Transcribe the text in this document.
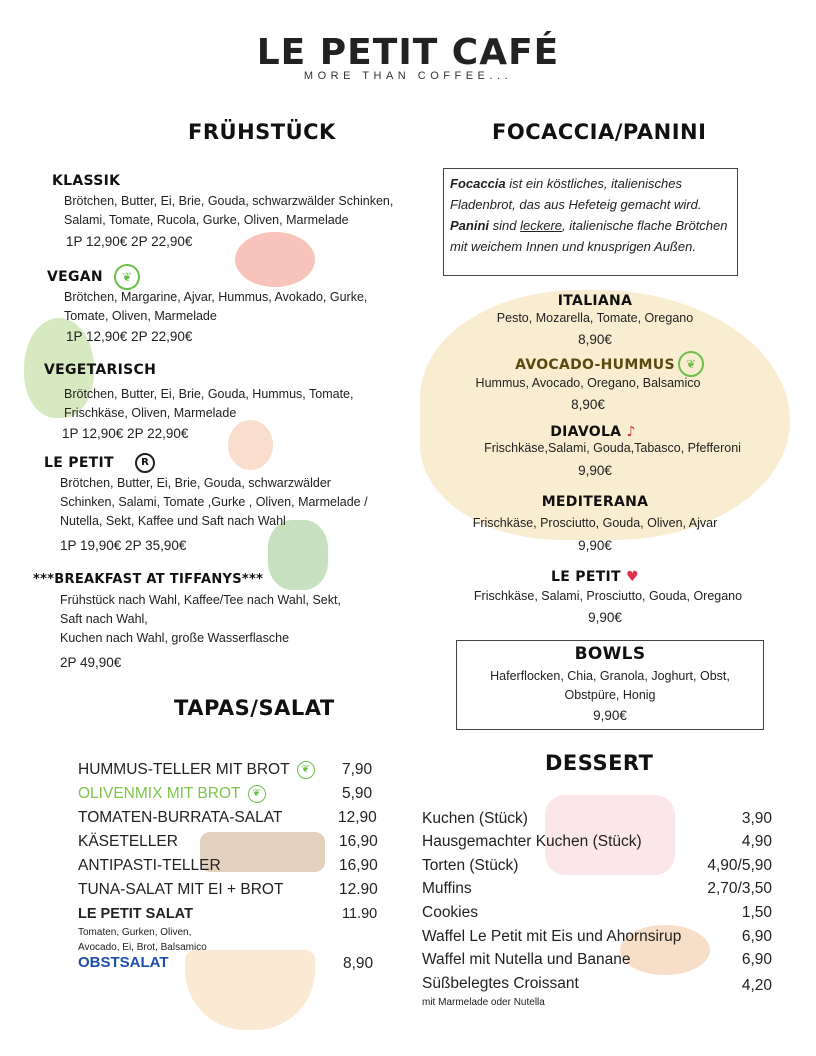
LE PETIT CAFÉ
MORE THAN COFFEE...
FRÜHSTÜCK
KLASSIK
Brötchen, Butter, Ei, Brie, Gouda, schwarzwälder Schinken,
Salami, Tomate, Rucola, Gurke, Oliven, Marmelade
1P 12,90€ 2P 22,90€
VEGAN ❦
Brötchen, Margarine, Ajvar, Hummus, Avokado, Gurke,
Tomate, Oliven, Marmelade
1P 12,90€ 2P 22,90€
VEGETARISCH
Brötchen, Butter, Ei, Brie, Gouda, Hummus, Tomate,
Frischkäse, Oliven, Marmelade
1P 12,90€ 2P 22,90€
LE PETIT	R
Brötchen, Butter, Ei, Brie, Gouda, schwarzwälder
Schinken, Salami, Tomate ,Gurke , Oliven, Marmelade /
Nutella, Sekt, Kaffee und Saft nach Wahl
1P 19,90€ 2P 35,90€
***BREAKFAST AT TIFFANYS***
Frühstück nach Wahl, Kaffee/Tee nach Wahl, Sekt,
Saft nach Wahl,
Kuchen nach Wahl, große Wasserflasche
2P 49,90€
FOCACCIA/PANINI
Focaccia ist ein köstliches, italienisches Fladenbrot, das aus Hefeteig gemacht wird. Panini sind leckere, italienische flache Brötchen mit weichem Innen und knusprigen Außen.
ITALIANA
Pesto, Mozarella, Tomate, Oregano
8,90€
AVOCADO-HUMMUS ❦
Hummus, Avocado, Oregano, Balsamico
8,90€
DIAVOLA ♪
Frischkäse,Salami, Gouda,Tabasco, Pfefferoni
9,90€
MEDITERANA
Frischkäse, Prosciutto, Gouda, Oliven, Ajvar
9,90€
LE PETIT ♥
Frischkäse, Salami, Prosciutto, Gouda, Oregano
9,90€
BOWLS
Haferflocken, Chia, Granola, Joghurt, Obst,
Obstpüre, Honig
9,90€
TAPAS/SALAT
HUMMUS-TELLER MIT BROT ❦	7,90
OLIVENMIX MIT BROT ❦	5,90
TOMATEN-BURRATA-SALAT	12,90
KÄSETELLER	16,90
ANTIPASTI-TELLER	16,90
TUNA-SALAT MIT EI + BROT	12.90
LE PETIT SALAT	11.90
Tomaten, Gurken, Oliven,
Avocado, Ei, Brot, Balsamico
OBSTSALAT	8,90
DESSERT
Kuchen (Stück)	3,90
Hausgemachter Kuchen (Stück)	4,90
Torten (Stück)	4,90/5,90
Muffins	2,70/3,50
Cookies	1,50
Waffel Le Petit mit Eis und Ahornsirup	6,90
Waffel mit Nutella und Banane	6,90
Süßbelegtes Croissant	4,20
mit Marmelade oder Nutella
